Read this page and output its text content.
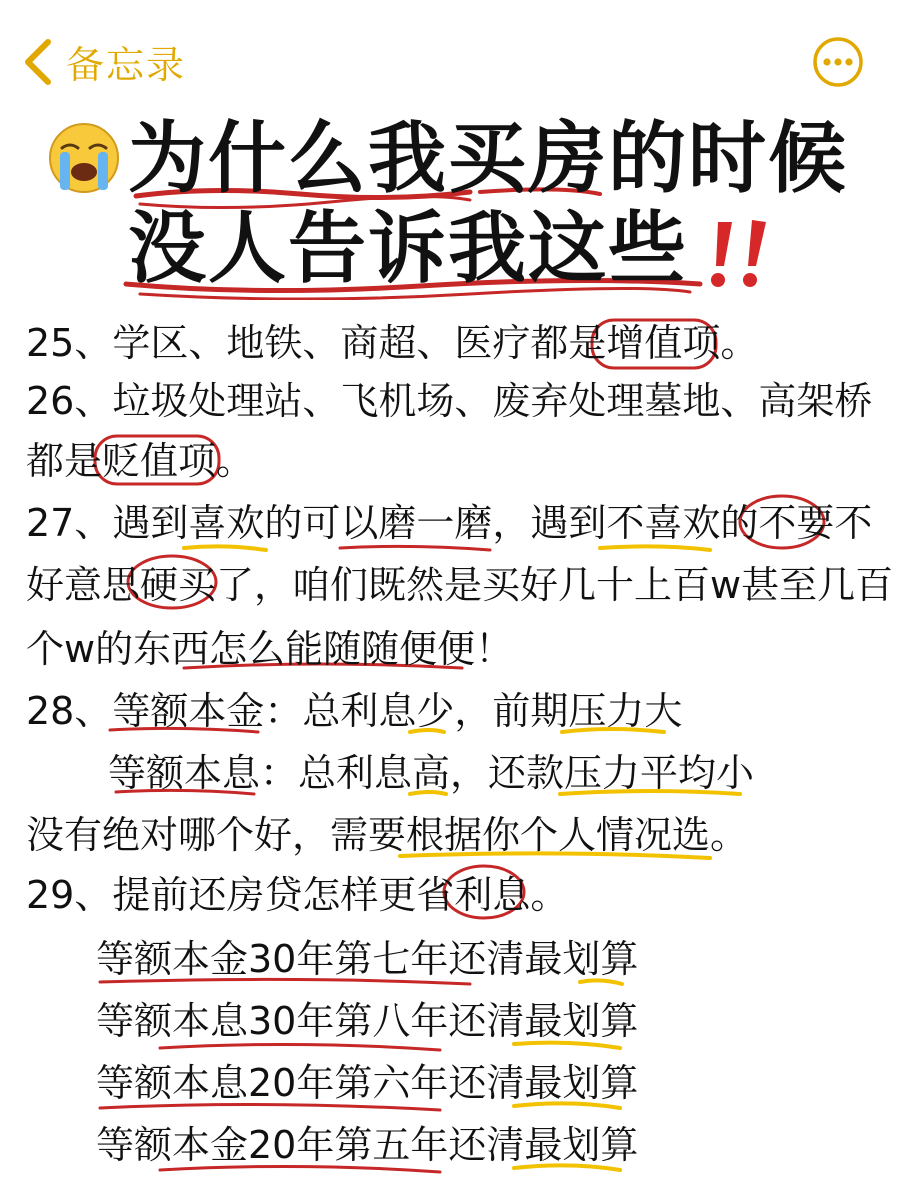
备忘录
为什么我买房的时候
没人告诉我这些
25、学区、地铁、商超、医疗都是增值项。
26、垃圾处理站、飞机场、废弃处理墓地、高架桥
都是贬值项。
27、遇到喜欢的可以磨一磨，遇到不喜欢的不要不
好意思硬买了，咱们既然是买好几十上百w甚至几百
个w的东西怎么能随随便便！
28、等额本金：总利息少，前期压力大
等额本息：总利息高，还款压力平均小
没有绝对哪个好，需要根据你个人情况选。
29、提前还房贷怎样更省利息。
等额本金30年第七年还清最划算
等额本息30年第八年还清最划算
等额本息20年第六年还清最划算
等额本金20年第五年还清最划算
